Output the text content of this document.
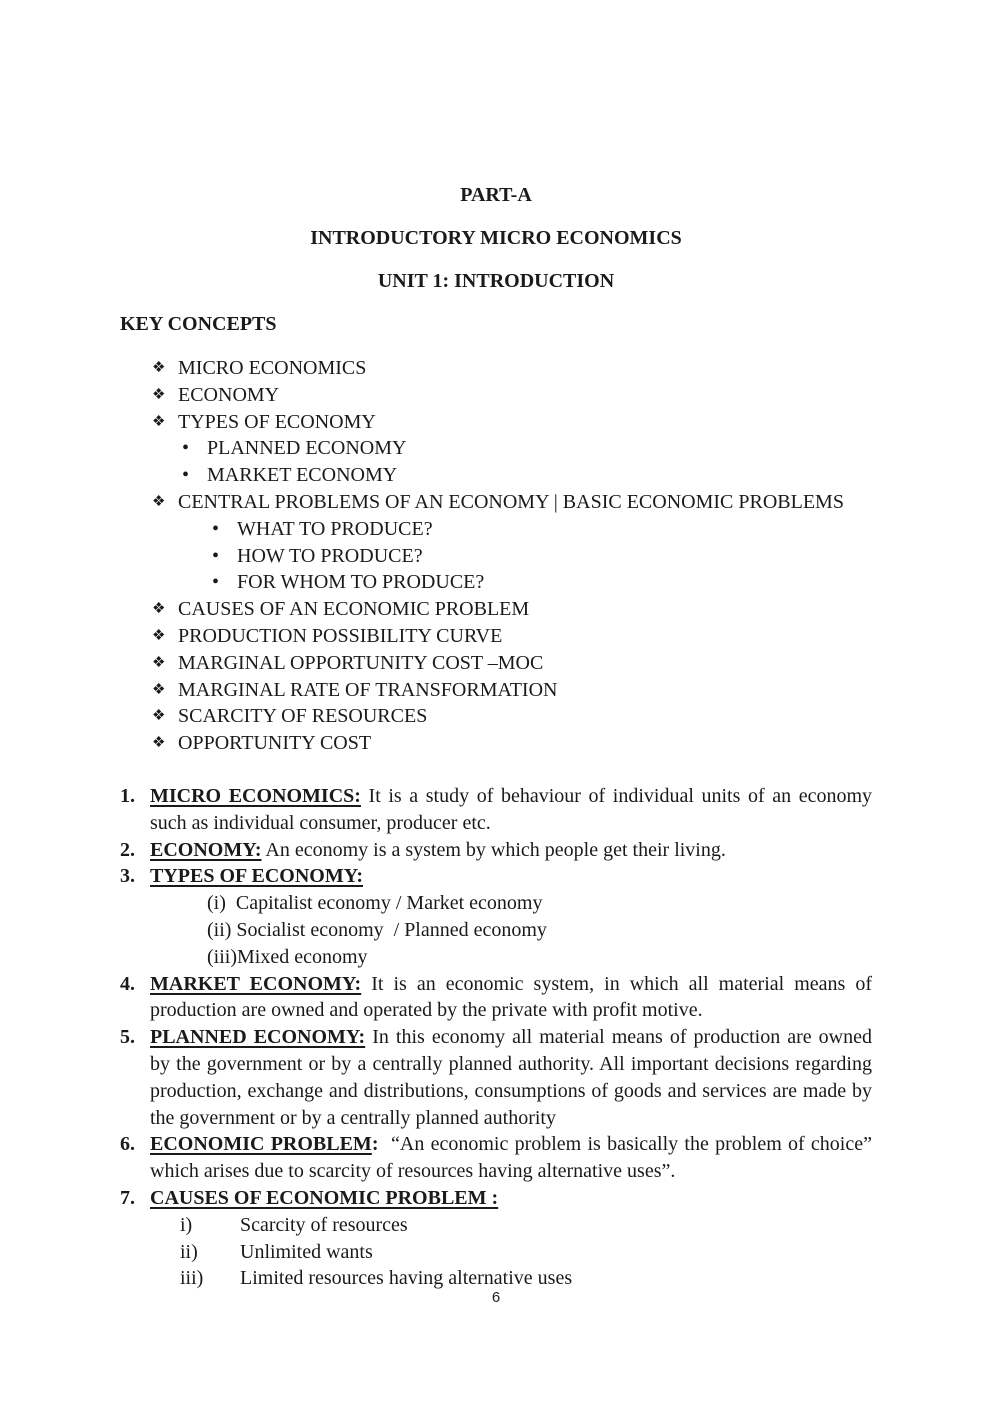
PART-A
INTRODUCTORY MICRO ECONOMICS
UNIT 1: INTRODUCTION
KEY CONCEPTS
❖ MICRO ECONOMICS
❖ ECONOMY
❖ TYPES OF ECONOMY
• PLANNED ECONOMY
• MARKET ECONOMY
❖ CENTRAL PROBLEMS OF AN ECONOMY | BASIC ECONOMIC PROBLEMS
• WHAT TO PRODUCE?
• HOW TO PRODUCE?
• FOR WHOM TO PRODUCE?
❖ CAUSES OF AN ECONOMIC PROBLEM
❖ PRODUCTION POSSIBILITY CURVE
❖ MARGINAL OPPORTUNITY COST –MOC
❖ MARGINAL RATE OF TRANSFORMATION
❖ SCARCITY OF RESOURCES
❖ OPPORTUNITY COST
1. MICRO ECONOMICS: It is a study of behaviour of individual units of an economy such as individual consumer, producer etc.
2. ECONOMY: An economy is a system by which people get their living.
3. TYPES OF ECONOMY:
(i)  Capitalist economy / Market economy
(ii) Socialist economy  / Planned economy
(iii)Mixed economy
4. MARKET ECONOMY: It is an economic system, in which all material means of production are owned and operated by the private with profit motive.
5. PLANNED ECONOMY: In this economy all material means of production are owned by the government or by a centrally planned authority. All important decisions regarding production, exchange and distributions, consumptions of goods and services are made by the government or by a centrally planned authority
6. ECONOMIC PROBLEM: “An economic problem is basically the problem of choice” which arises due to scarcity of resources having alternative uses”.
7. CAUSES OF ECONOMIC PROBLEM :
i)	Scarcity of resources
ii)	Unlimited wants
iii)	Limited resources having alternative uses
6
